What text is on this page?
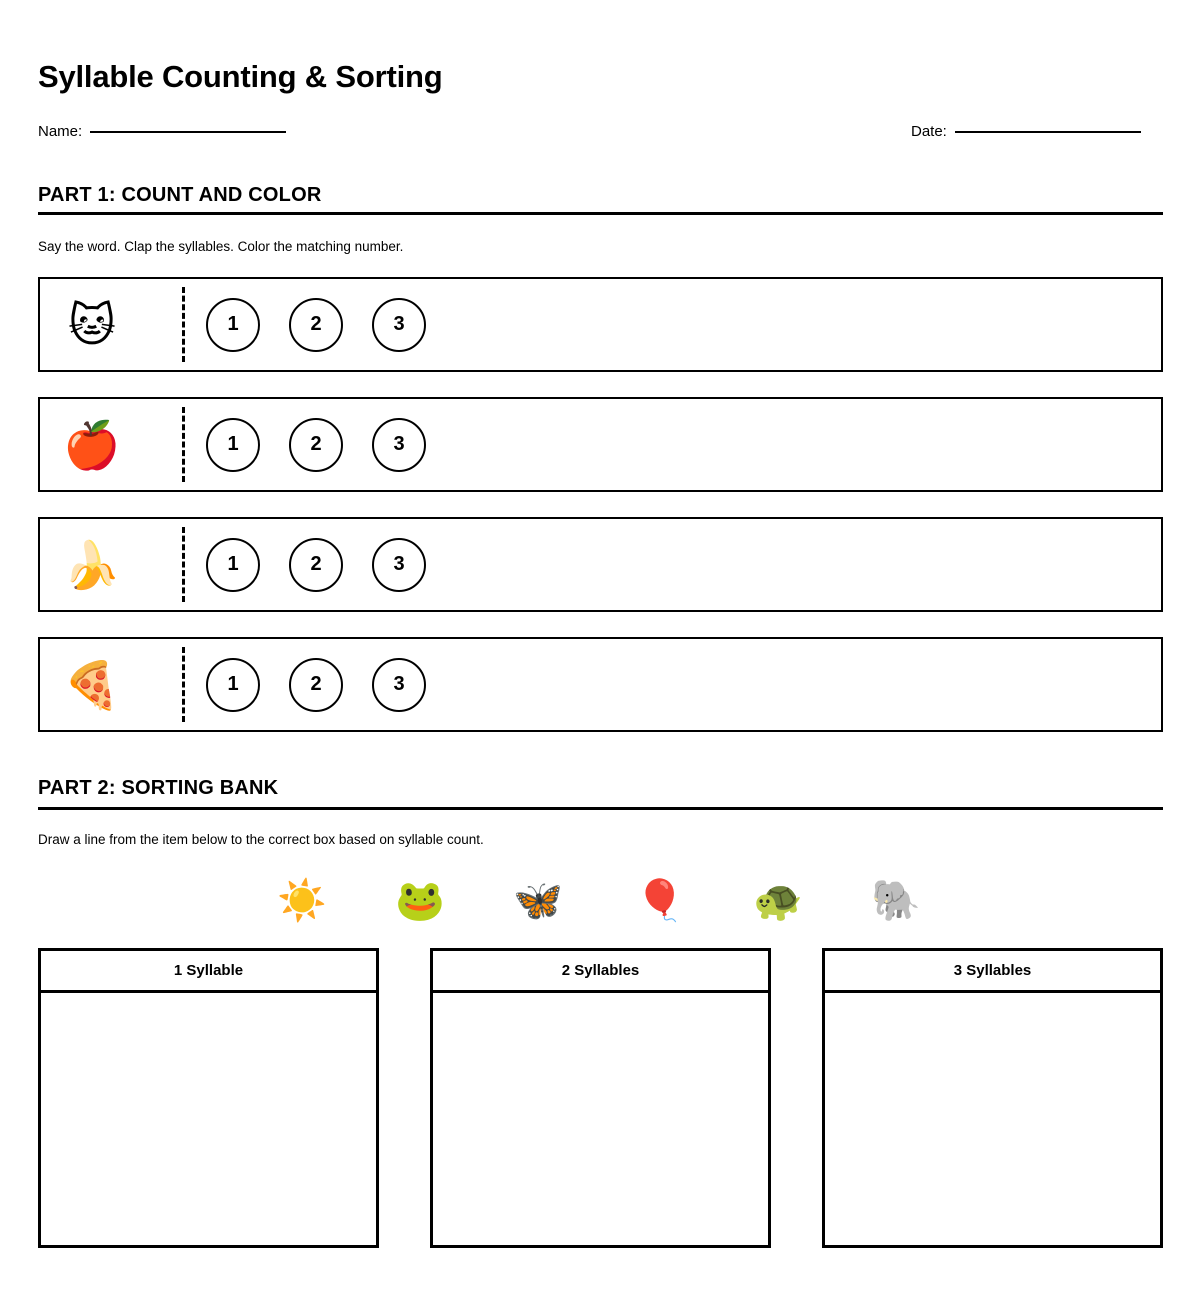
Syllable Counting & Sorting
Name:	Date:
PART 1: COUNT AND COLOR
Say the word. Clap the syllables. Color the matching number.
🐱	1	2	3
🍎	1	2	3
🍌	1	2	3
🍕	1	2	3
PART 2: SORTING BANK
Draw a line from the item below to the correct box based on syllable count.
☀️ 🐸 🦋 🎈 🐢 🐘
1 Syllable	2 Syllables	3 Syllables
